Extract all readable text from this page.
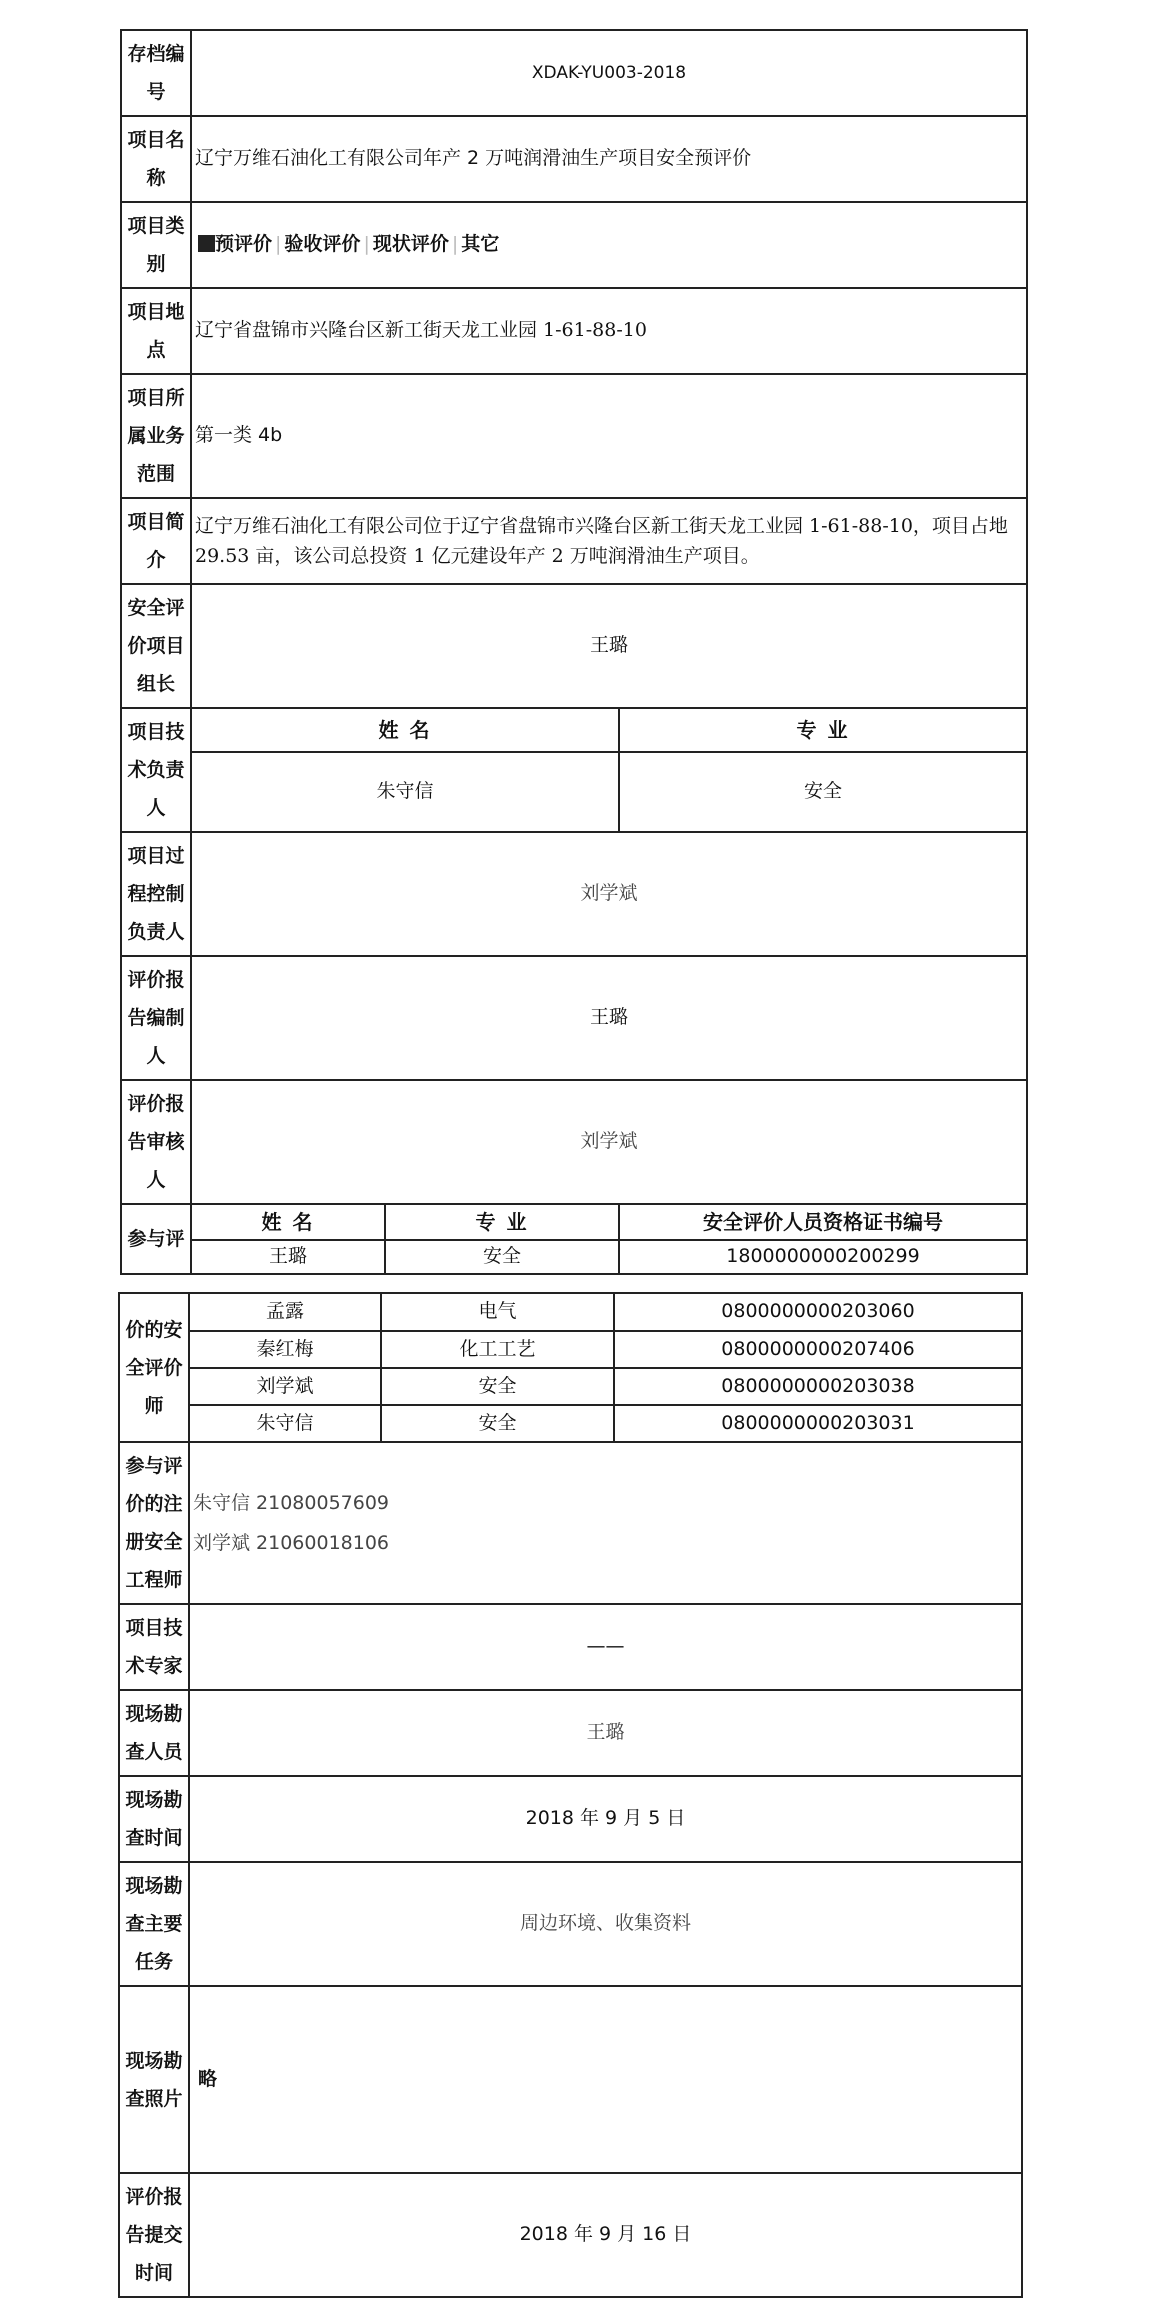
存档编号	XDAK-YU003-2018		
项目名称	辽宁万维石油化工有限公司年产 2 万吨润滑油生产项目安全预评价		
项目类别	预评价 | 验收评价 | 现状评价 | 其它		
项目地点	辽宁省盘锦市兴隆台区新工街天龙工业园 1-61-88-10		
项目所属业务范围	第一类 4b		
项目简介	辽宁万维石油化工有限公司位于辽宁省盘锦市兴隆台区新工街天龙工业园 1-61-88-10，项目占地 29.53 亩，该公司总投资 1 亿元建设年产 2 万吨润滑油生产项目。		
安全评价项目组长	王璐		
项目技术负责人	姓 名		专 业
	朱守信		安全
项目过程控制负责人	刘学斌		
评价报告编制人	王璐		
评价报告审核人	刘学斌		
参与评	姓 名	专 业	安全评价人员资格证书编号
	王璐	安全	1800000000200299
价的安全评价师	孟露	电气	0800000000203060
	秦红梅	化工工艺	0800000000207406
	刘学斌	安全	0800000000203038
	朱守信	安全	0800000000203031
参与评价的注册安全工程师	朱守信 21080057609
刘学斌 21060018106		

项目技术专家	——		
现场勘查人员	王璐		
现场勘查时间	2018 年 9 月 5 日		
现场勘查主要任务	周边环境、收集资料		
现场勘查照片	略		
评价报告提交时间	2018 年 9 月 16 日		
